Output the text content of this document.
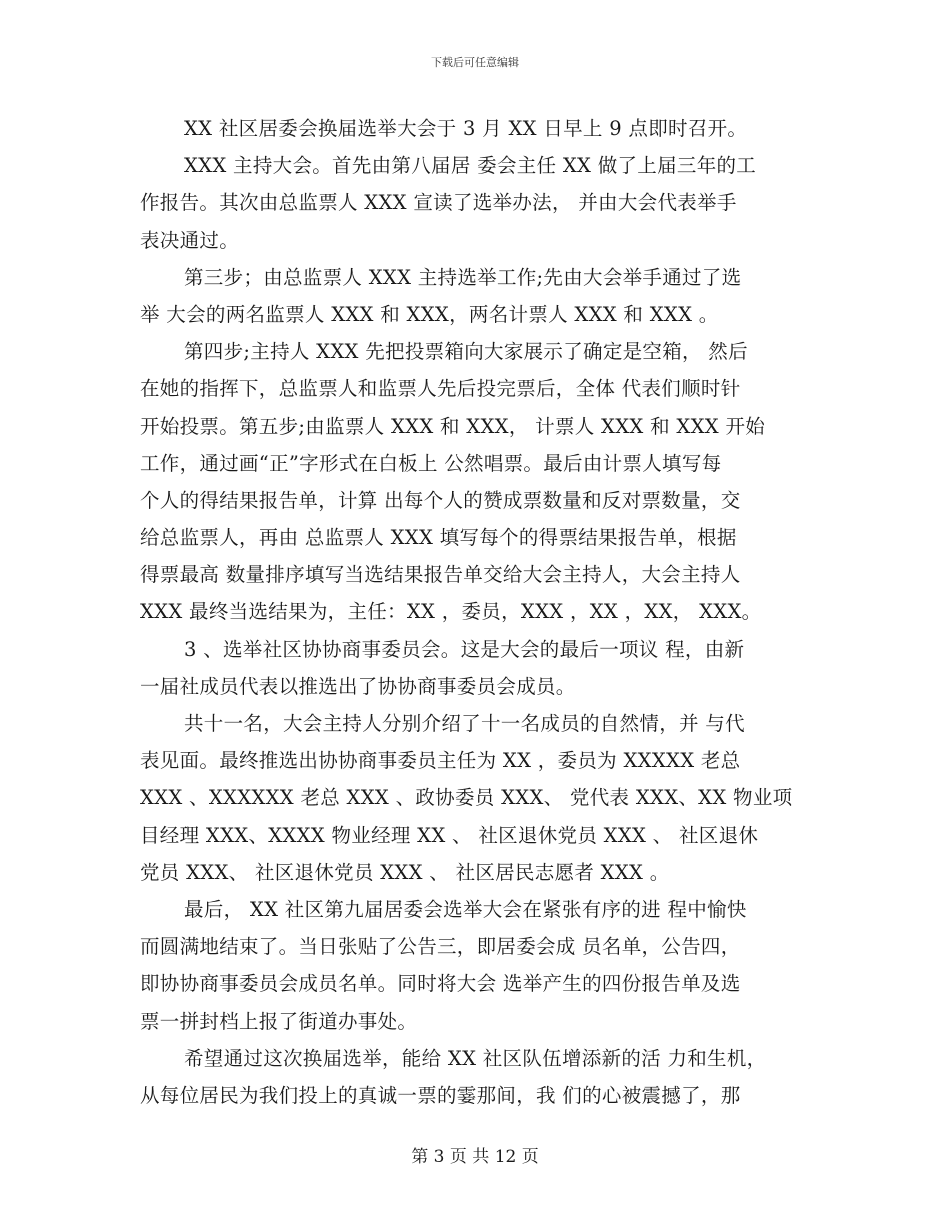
下载后可任意编辑
XX 社区居委会换届选举大会于 3 月 XX 日早上 9 点即时召开。
XXX 主持大会。首先由第八届居 委会主任 XX 做了上届三年的工
作报告。其次由总监票人 XXX 宣读了选举办法， 并由大会代表举手
表决通过。
第三步；由总监票人 XXX 主持选举工作;先由大会举手通过了选
举 大会的两名监票人 XXX 和 XXX，两名计票人 XXX 和 XXX 。
第四步;主持人 XXX 先把投票箱向大家展示了确定是空箱， 然后
在她的指挥下，总监票人和监票人先后投完票后，全体 代表们顺时针
开始投票。第五步;由监票人 XXX 和 XXX， 计票人 XXX 和 XXX 开始
工作，通过画“正”字形式在白板上 公然唱票。最后由计票人填写每
个人的得结果报告单，计算 出每个人的赞成票数量和反对票数量，交
给总监票人，再由 总监票人 XXX 填写每个的得票结果报告单，根据
得票最高 数量排序填写当选结果报告单交给大会主持人，大会主持人
XXX 最终当选结果为，主任：XX ，委员，XXX ，XX ，XX， XXX。
3 、选举社区协协商事委员会。这是大会的最后一项议 程，由新
一届社成员代表以推选出了协协商事委员会成员。
共十一名，大会主持人分别介绍了十一名成员的自然情，并 与代
表见面。最终推选出协协商事委员主任为 XX ，委员为 XXXXX 老总
XXX 、XXXXXX 老总 XXX 、政协委员 XXX、 党代表 XXX、XX 物业项
目经理 XXX、XXXX 物业经理 XX 、 社区退休党员 XXX 、 社区退休
党员 XXX、 社区退休党员 XXX 、 社区居民志愿者 XXX 。
最后， XX 社区第九届居委会选举大会在紧张有序的进 程中愉快
而圆满地结束了。当日张贴了公告三，即居委会成 员名单，公告四，
即协协商事委员会成员名单。同时将大会 选举产生的四份报告单及选
票一拼封档上报了街道办事处。
希望通过这次换届选举，能给 XX 社区队伍增添新的活 力和生机，
从每位居民为我们投上的真诚一票的霎那间，我 们的心被震撼了，那
第 3 页 共 12 页
